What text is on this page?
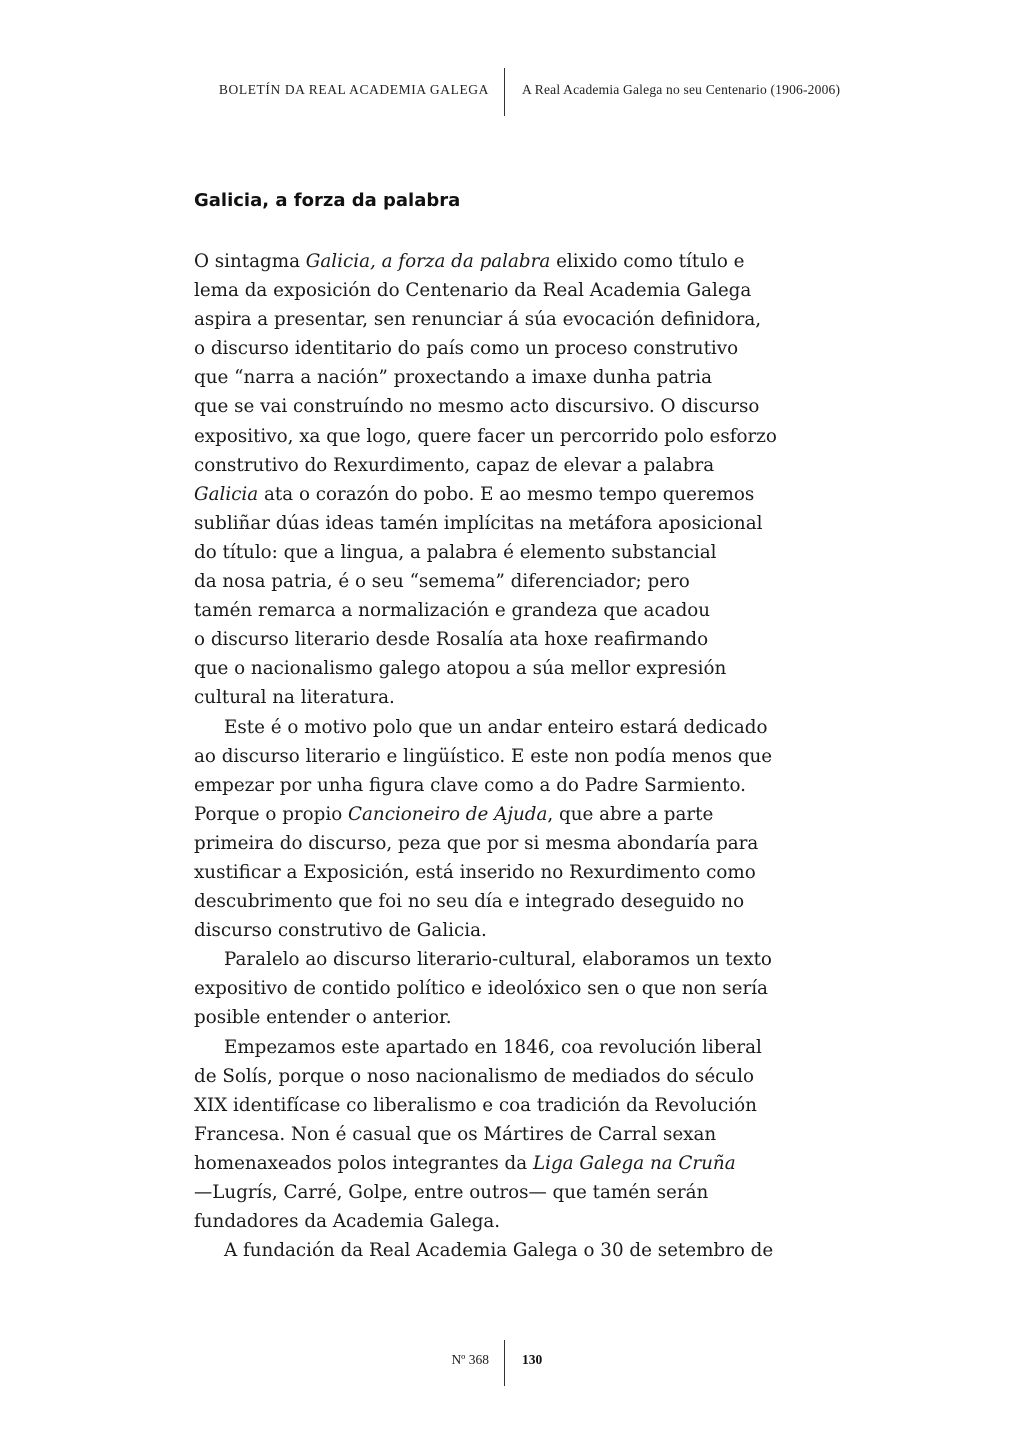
BOLETÍN DA REAL ACADEMIA GALEGA A Real Academia Galega no seu Centenario (1906-2006)
Galicia, a forza da palabra

O sintagma Galicia, a forza da palabra elixido como título e
lema da exposición do Centenario da Real Academia Galega
aspira a presentar, sen renunciar á súa evocación definidora,
o discurso identitario do país como un proceso construtivo
que “narra a nación” proxectando a imaxe dunha patria
que se vai construíndo no mesmo acto discursivo. O discurso
expositivo, xa que logo, quere facer un percorrido polo esforzo
construtivo do Rexurdimento, capaz de elevar a palabra
Galicia ata o corazón do pobo. E ao mesmo tempo queremos
subliñar dúas ideas tamén implícitas na metáfora aposicional
do título: que a lingua, a palabra é elemento substancial
da nosa patria, é o seu “semema” diferenciador; pero
tamén remarca a normalización e grandeza que acadou
o discurso literario desde Rosalía ata hoxe reafirmando
que o nacionalismo galego atopou a súa mellor expresión
cultural na literatura.

Este é o motivo polo que un andar enteiro estará dedicado
ao discurso literario e lingüístico. E este non podía menos que
empezar por unha figura clave como a do Padre Sarmiento.
Porque o propio Cancioneiro de Ajuda, que abre a parte
primeira do discurso, peza que por si mesma abondaría para
xustificar a Exposición, está inserido no Rexurdimento como
descubrimento que foi no seu día e integrado deseguido no
discurso construtivo de Galicia.

Paralelo ao discurso literario-cultural, elaboramos un texto
expositivo de contido político e ideolóxico sen o que non sería
posible entender o anterior.

Empezamos este apartado en 1846, coa revolución liberal
de Solís, porque o noso nacionalismo de mediados do século
XIX identifícase co liberalismo e coa tradición da Revolución
Francesa. Non é casual que os Mártires de Carral sexan
homenaxeados polos integrantes da Liga Galega na Cruña
—Lugrís, Carré, Golpe, entre outros— que tamén serán
fundadores da Academia Galega.

A fundación da Real Academia Galega o 30 de setembro de

Nº 368 130
